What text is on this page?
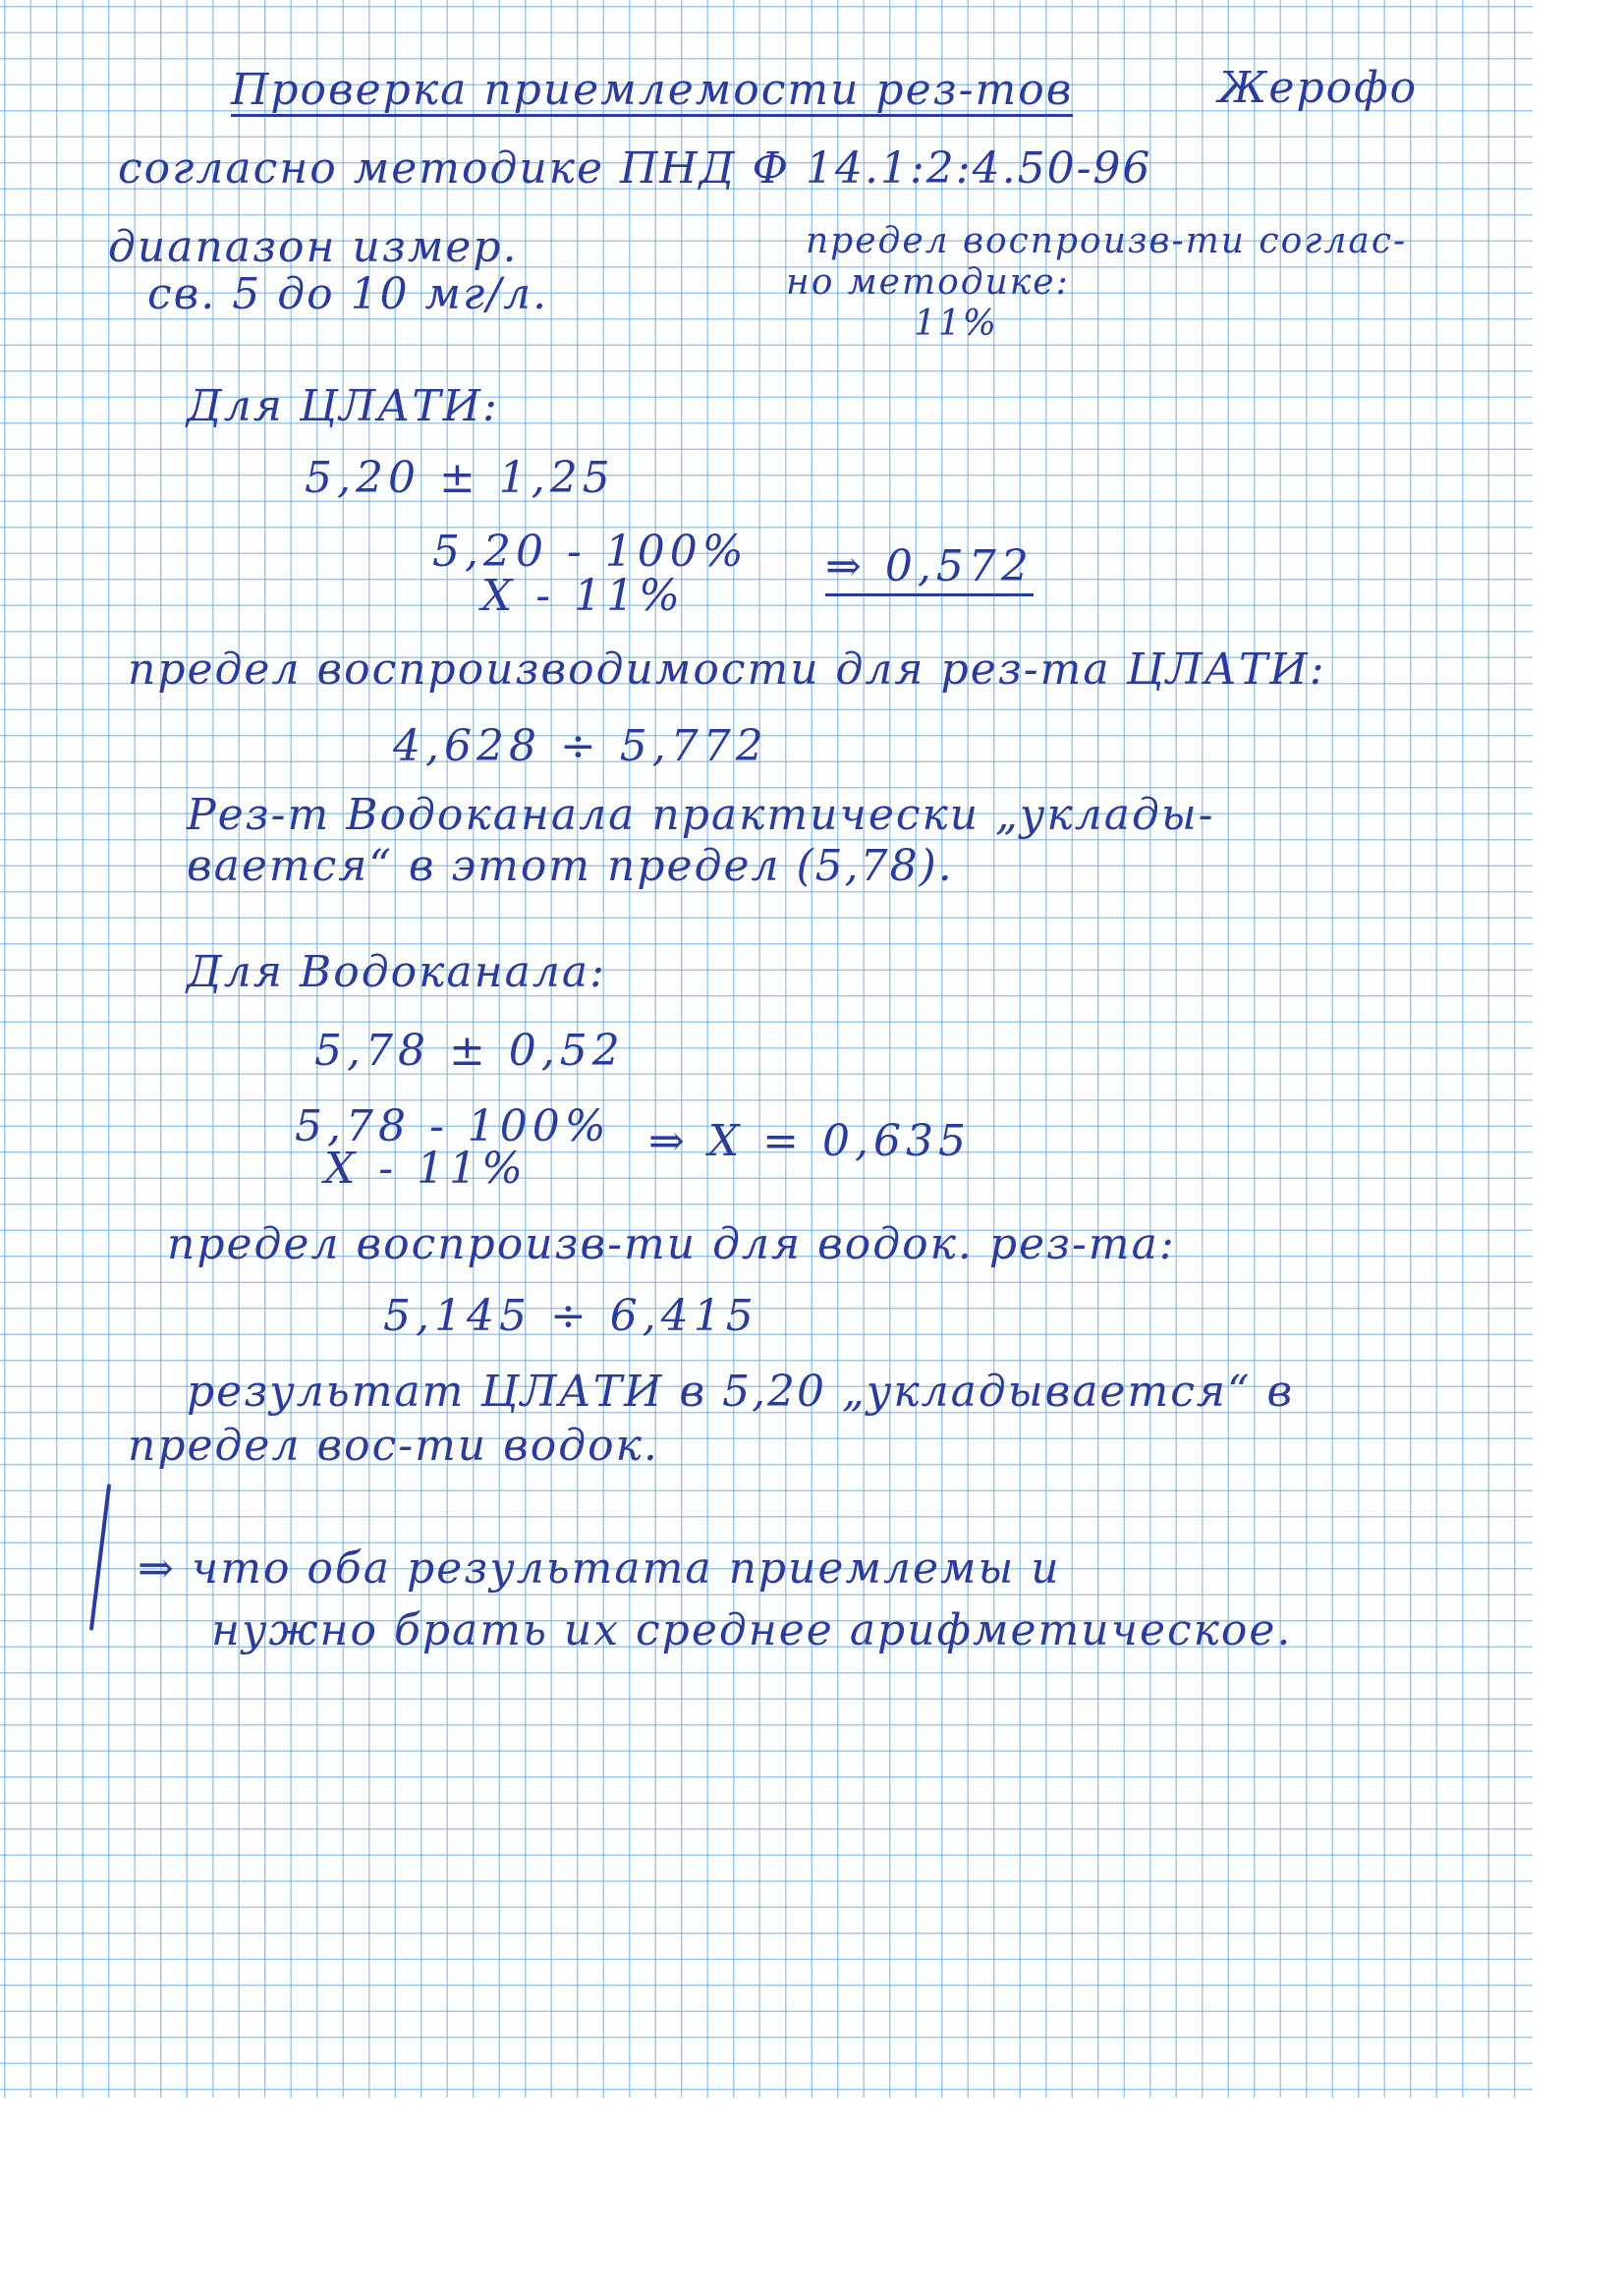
Проверка приемлемости рез-тов	Жерофо
согласно методике ПНД Ф 14.1:2:4.50-96
диапазон измер.
св. 5 до 10 мг/л.
предел воспроизв-ти соглас-
но методике:
11%
Для ЦЛАТИ:
5,20 ± 1,25
5,20 - 100%
X - 11%
⇒ 0,572
предел воспроизводимости для рез-та ЦЛАТИ:
4,628 ÷ 5,772
Рез-т Водоканала практически „уклады-
вается“ в этот предел (5,78).
Для Водоканала:
5,78 ± 0,52
5,78 - 100%
X - 11%
⇒ X = 0,635
предел воспроизв-ти для водок. рез-та:
5,145 ÷ 6,415
результат ЦЛАТИ в 5,20 „укладывается“ в
предел вос-ти водок.
⇒ что оба результата приемлемы и
нужно брать их среднее арифметическое.
